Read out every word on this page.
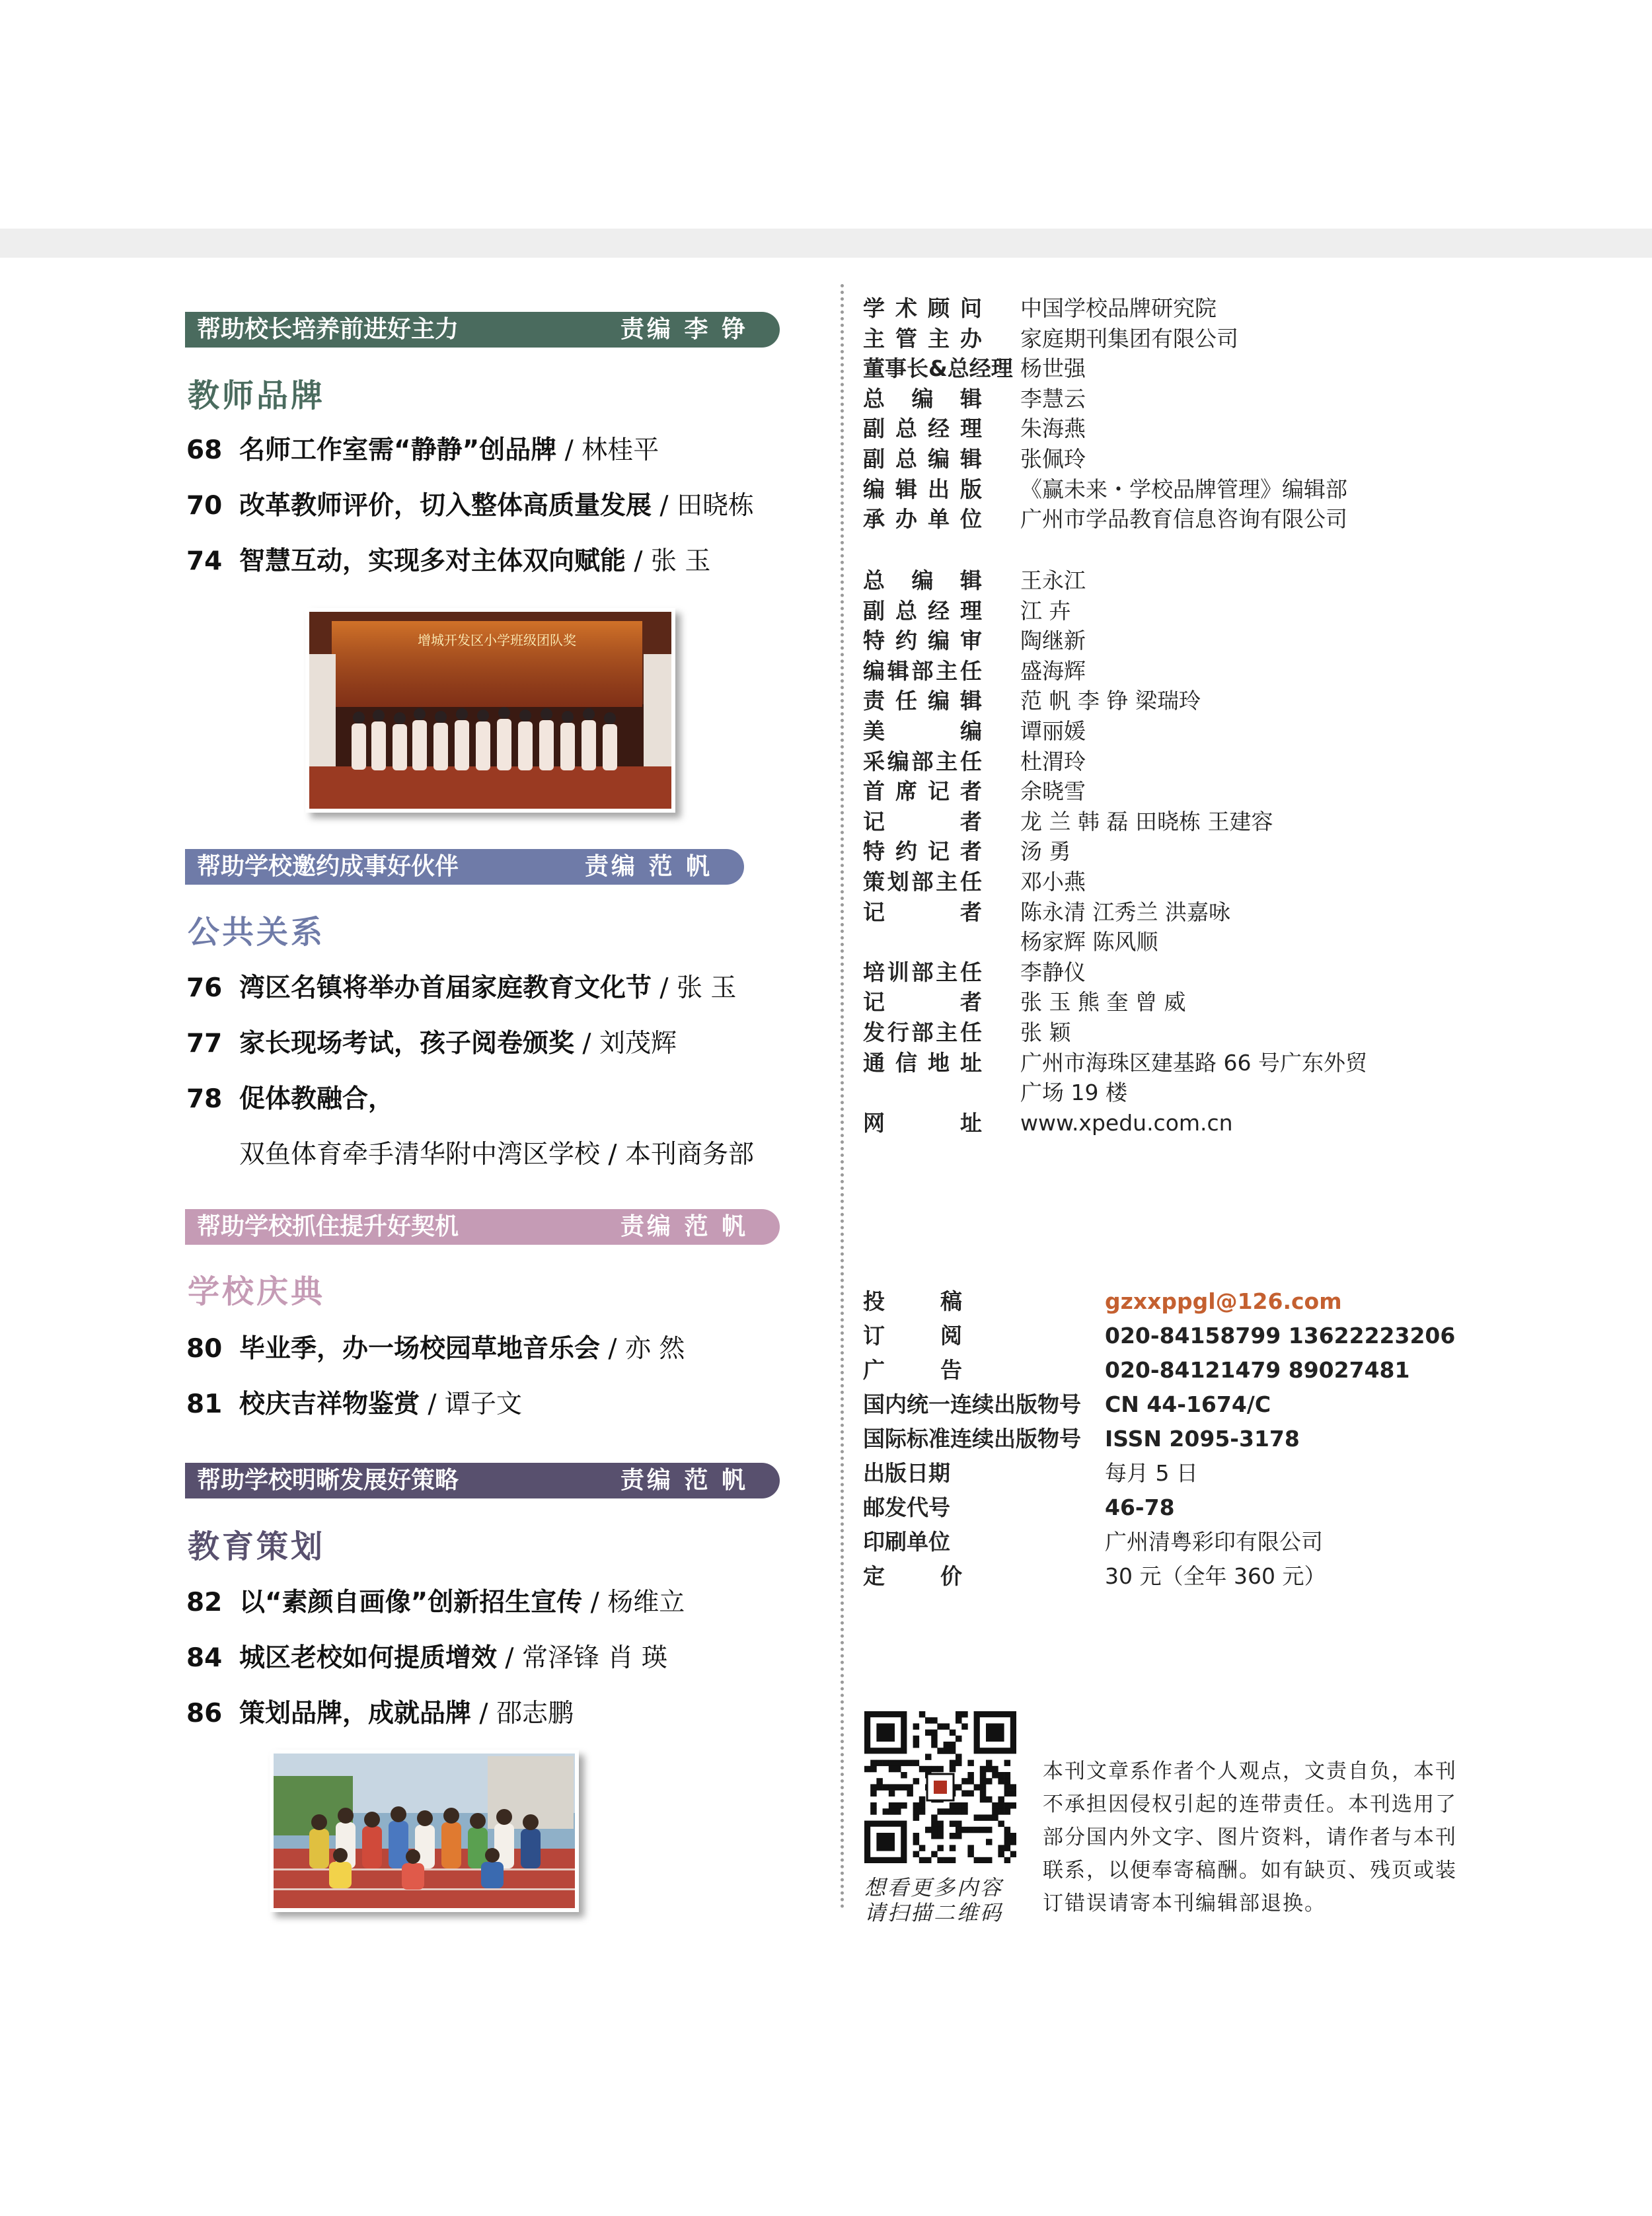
帮助校长培养前进好主力	责编 李 铮
教师品牌
68 名师工作室需“静静”创品牌 / 林桂平
70 改革教师评价，切入整体高质量发展 / 田晓栋
74 智慧互动，实现多对主体双向赋能 / 张 玉
帮助学校邀约成事好伙伴	责编 范 帆
公共关系
76 湾区名镇将举办首届家庭教育文化节 / 张 玉
77 家长现场考试，孩子阅卷颁奖 / 刘茂辉
78 促体教融合，
双鱼体育牵手清华附中湾区学校 / 本刊商务部
帮助学校抓住提升好契机	责编 范 帆
学校庆典
80 毕业季，办一场校园草地音乐会 / 亦 然
81 校庆吉祥物鉴赏 / 谭子文
帮助学校明晰发展好策略	责编 范 帆
教育策划
82 以“素颜自画像”创新招生宣传 / 杨维立
84 城区老校如何提质增效 / 常泽锋 肖 瑛
86 策划品牌，成就品牌 / 邵志鹏
增城开发区小学班级团队奖
学术顾问 中国学校品牌研究院
主管主办 家庭期刊集团有限公司
董事长&总经理 杨世强
总编辑 李慧云
副总经理 朱海燕
副总编辑 张佩玲
编辑出版 《赢未来・学校品牌管理》编辑部
承办单位 广州市学品教育信息咨询有限公司
总编辑 王永江
副总经理 江 卉
特约编审 陶继新
编辑部主任 盛海辉
责任编辑 范 帆 李 铮 梁瑞玲
美编 谭丽媛
采编部主任 杜渭玲
首席记者 余晓雪
记者 龙 兰 韩 磊 田晓栋 王建容
特约记者 汤 勇
策划部主任 邓小燕
记者 陈永清 江秀兰 洪嘉咏
杨家辉 陈风顺
培训部主任 李静仪
记者 张 玉 熊 奎 曾 威
发行部主任 张 颖
通信地址 广州市海珠区建基路 66 号广东外贸
广场 19 楼
网址 www.xpedu.com.cn
投稿	gzxxppgl@126.com
订阅	020-84158799 13622223206
广告	020-84121479 89027481
国内统一连续出版物号 CN 44-1674/C
国际标准连续出版物号 ISSN 2095-3178
出版日期	每月 5 日
邮发代号	46-78
印刷单位	广州清粤彩印有限公司
定价	30 元（全年 360 元）
想看更多内容
请扫描二维码
本刊文章系作者个人观点，文责自负，本刊不承担因侵权引起的连带责任。本刊选用了部分国内外文字、图片资料，请作者与本刊联系，以便奉寄稿酬。如有缺页、残页或装订错误请寄本刊编辑部退换。
